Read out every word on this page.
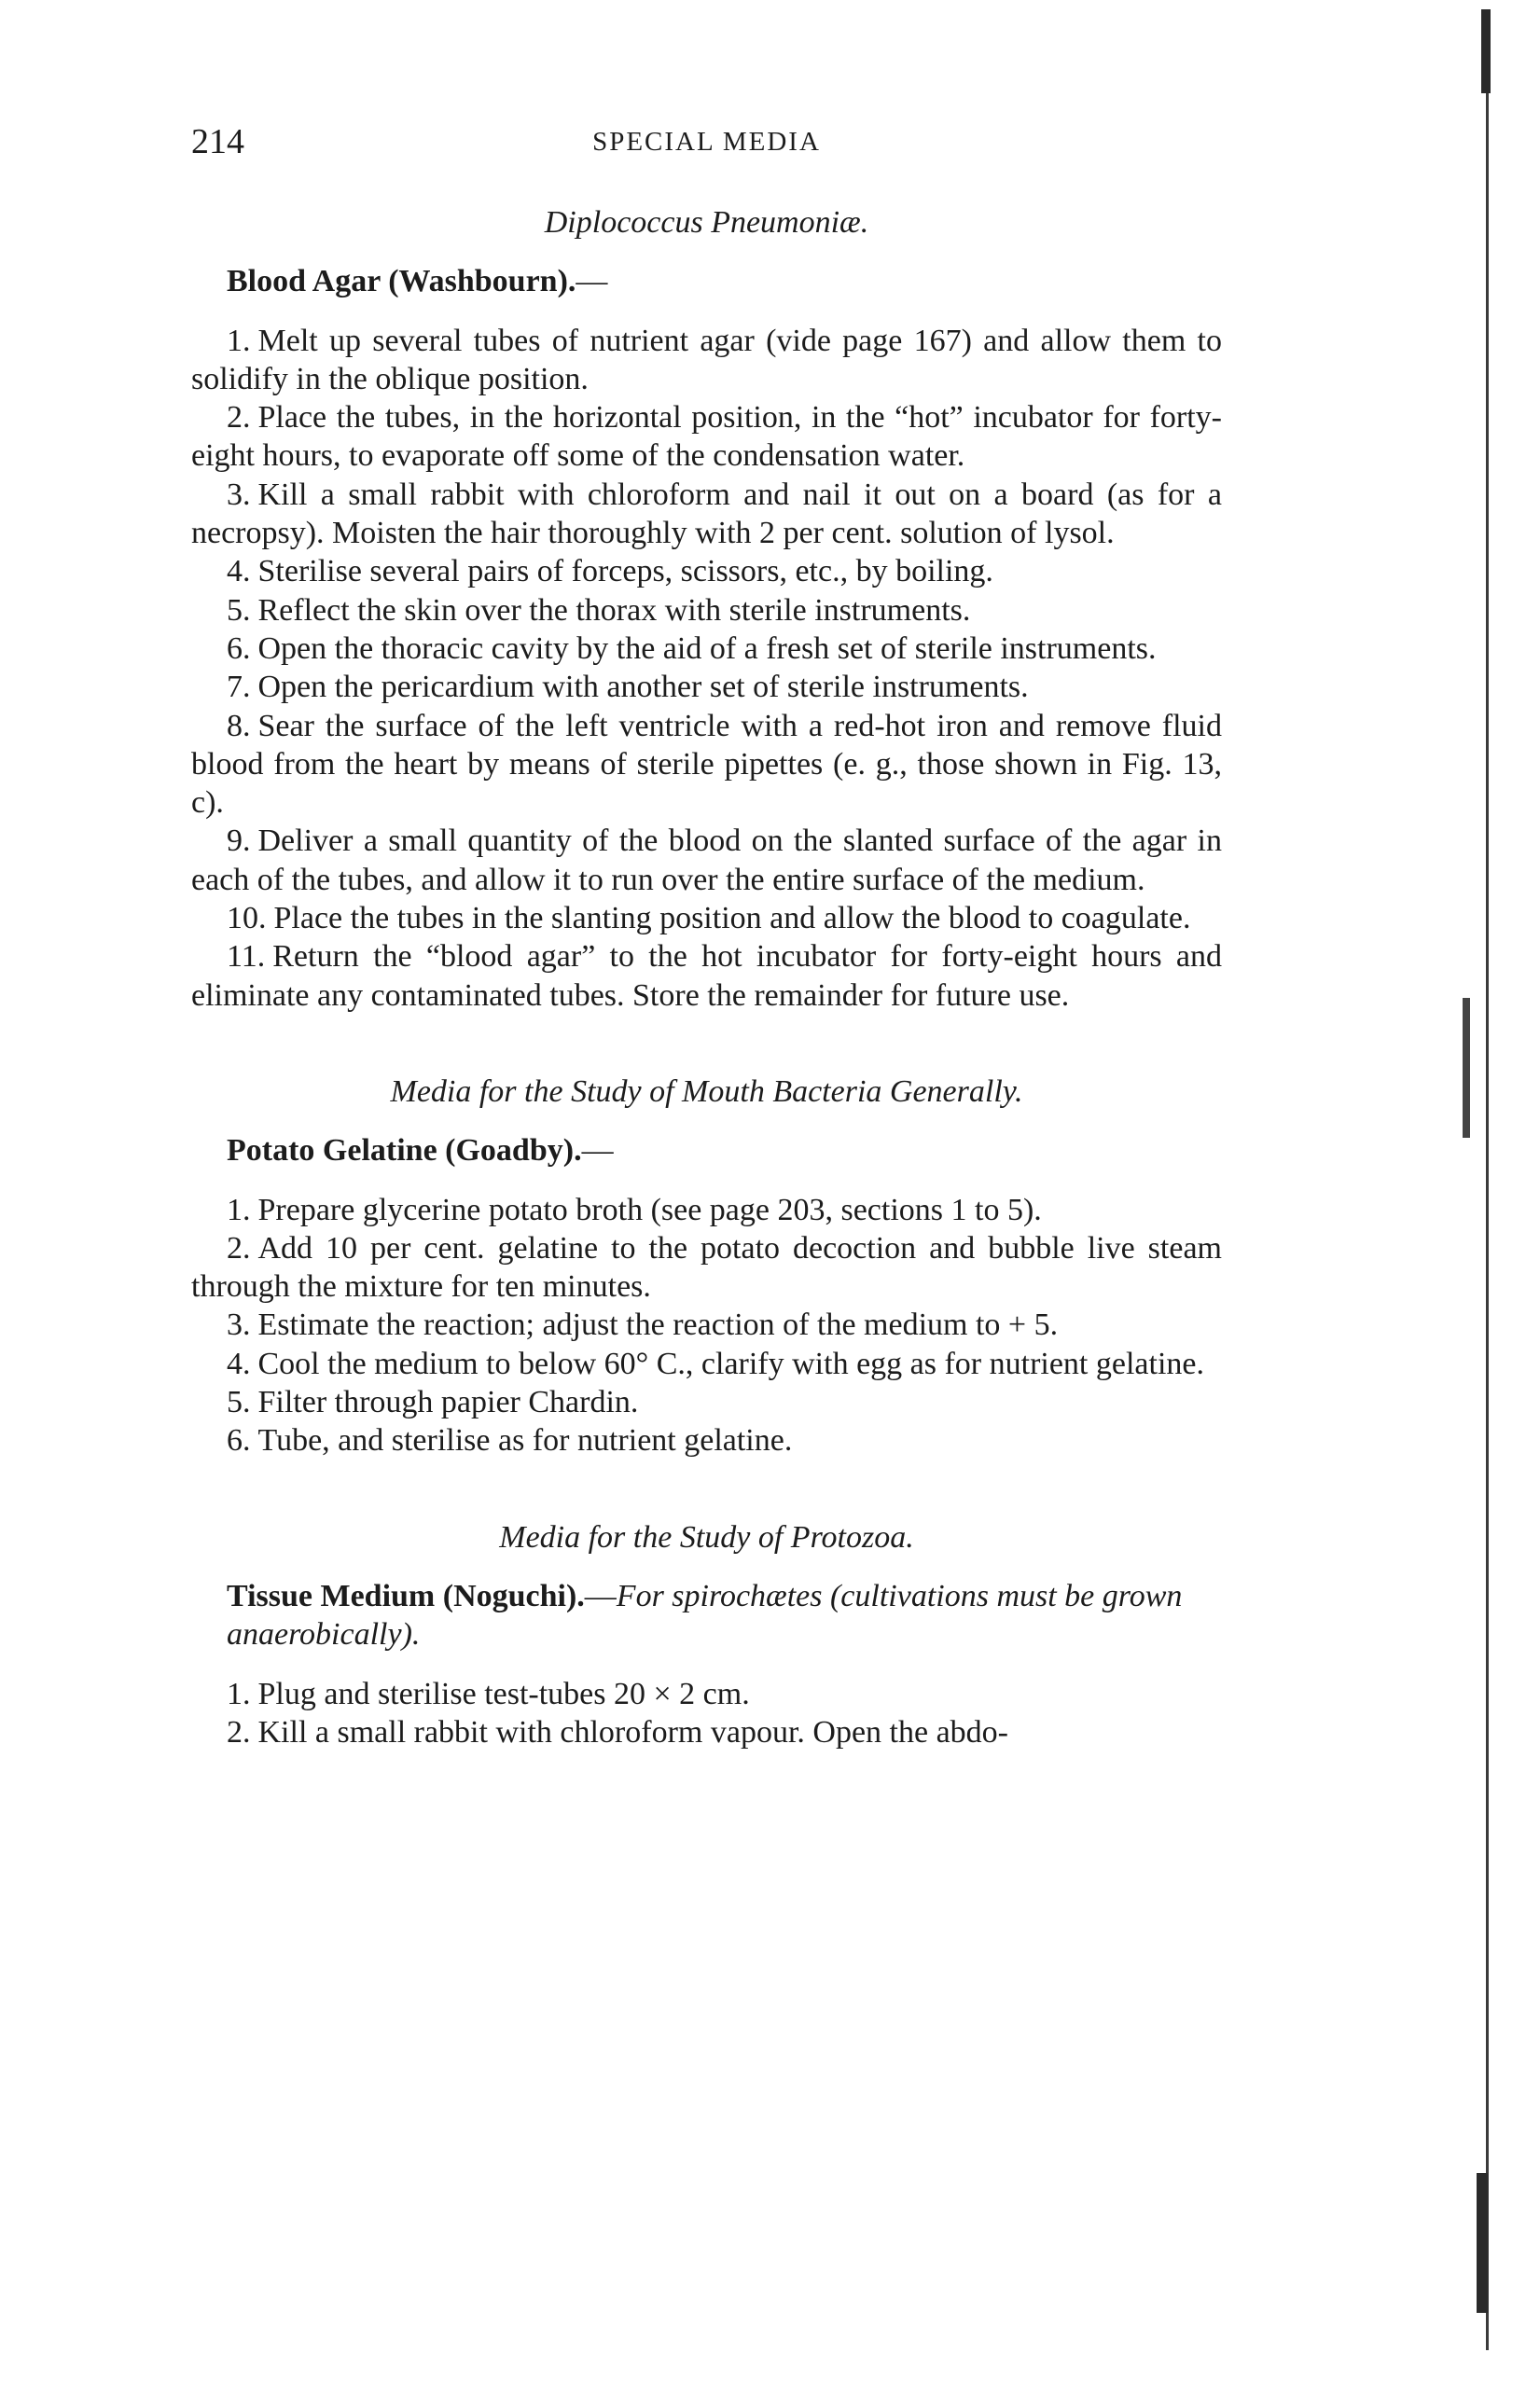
214	SPECIAL MEDIA
Diplococcus Pneumoniæ.

Blood Agar (Washbourn).—

1. Melt up several tubes of nutrient agar (vide page 167) and allow them to solidify in the oblique position.

2. Place the tubes, in the horizontal position, in the “hot” incubator for forty-eight hours, to evaporate off some of the condensation water.

3. Kill a small rabbit with chloroform and nail it out on a board (as for a necropsy). Moisten the hair thoroughly with 2 per cent. solution of lysol.

4. Sterilise several pairs of forceps, scissors, etc., by boiling.

5. Reflect the skin over the thorax with sterile instruments.

6. Open the thoracic cavity by the aid of a fresh set of sterile instruments.

7. Open the pericardium with another set of sterile instruments.

8. Sear the surface of the left ventricle with a red-hot iron and remove fluid blood from the heart by means of sterile pipettes (e. g., those shown in Fig. 13, c).

9. Deliver a small quantity of the blood on the slanted surface of the agar in each of the tubes, and allow it to run over the entire surface of the medium.

10. Place the tubes in the slanting position and allow the blood to coagulate.

11. Return the “blood agar” to the hot incubator for forty-eight hours and eliminate any contaminated tubes. Store the remainder for future use.

Media for the Study of Mouth Bacteria Generally.

Potato Gelatine (Goadby).—

1. Prepare glycerine potato broth (see page 203, sections 1 to 5).

2. Add 10 per cent. gelatine to the potato decoction and bubble live steam through the mixture for ten minutes.

3. Estimate the reaction; adjust the reaction of the medium to + 5.

4. Cool the medium to below 60° C., clarify with egg as for nutrient gelatine.

5. Filter through papier Chardin.

6. Tube, and sterilise as for nutrient gelatine.

Media for the Study of Protozoa.

Tissue Medium (Noguchi).—For spirochætes (cultivations must be grown anaerobically).

1. Plug and sterilise test-tubes 20 × 2 cm.

2. Kill a small rabbit with chloroform vapour. Open the abdo-
